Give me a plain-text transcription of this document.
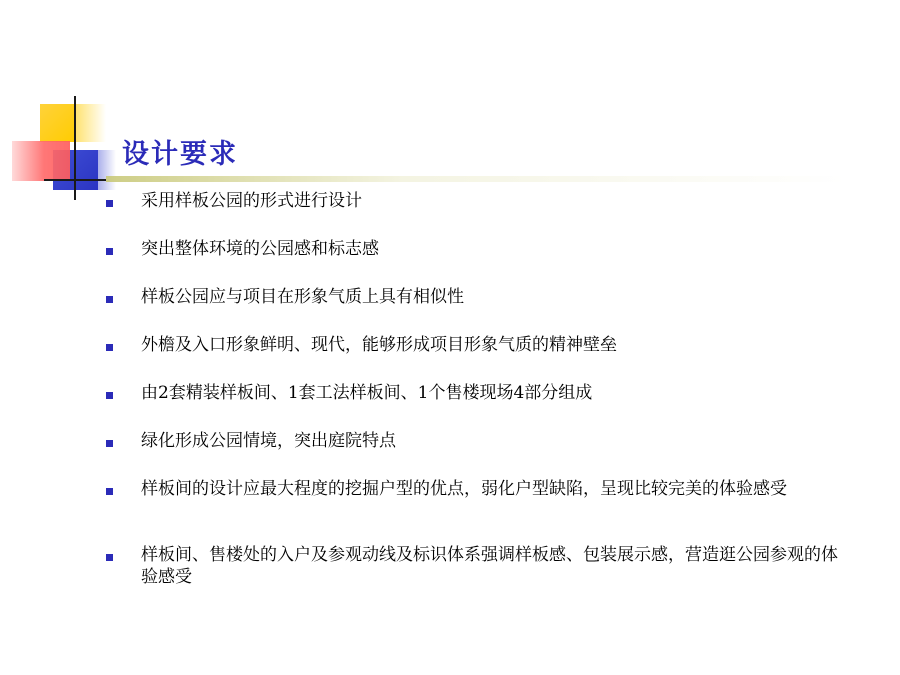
设计要求
采用样板公园的形式进行设计
突出整体环境的公园感和标志感
样板公园应与项目在形象气质上具有相似性
外檐及入口形象鲜明、现代，能够形成项目形象气质的精神壁垒
由2套精装样板间、1套工法样板间、1个售楼现场4部分组成
绿化形成公园情境，突出庭院特点
样板间的设计应最大程度的挖掘户型的优点，弱化户型缺陷，呈现比较完美的体验感受
样板间、售楼处的入户及参观动线及标识体系强调样板感、包装展示感，营造逛公园参观的体验感受
